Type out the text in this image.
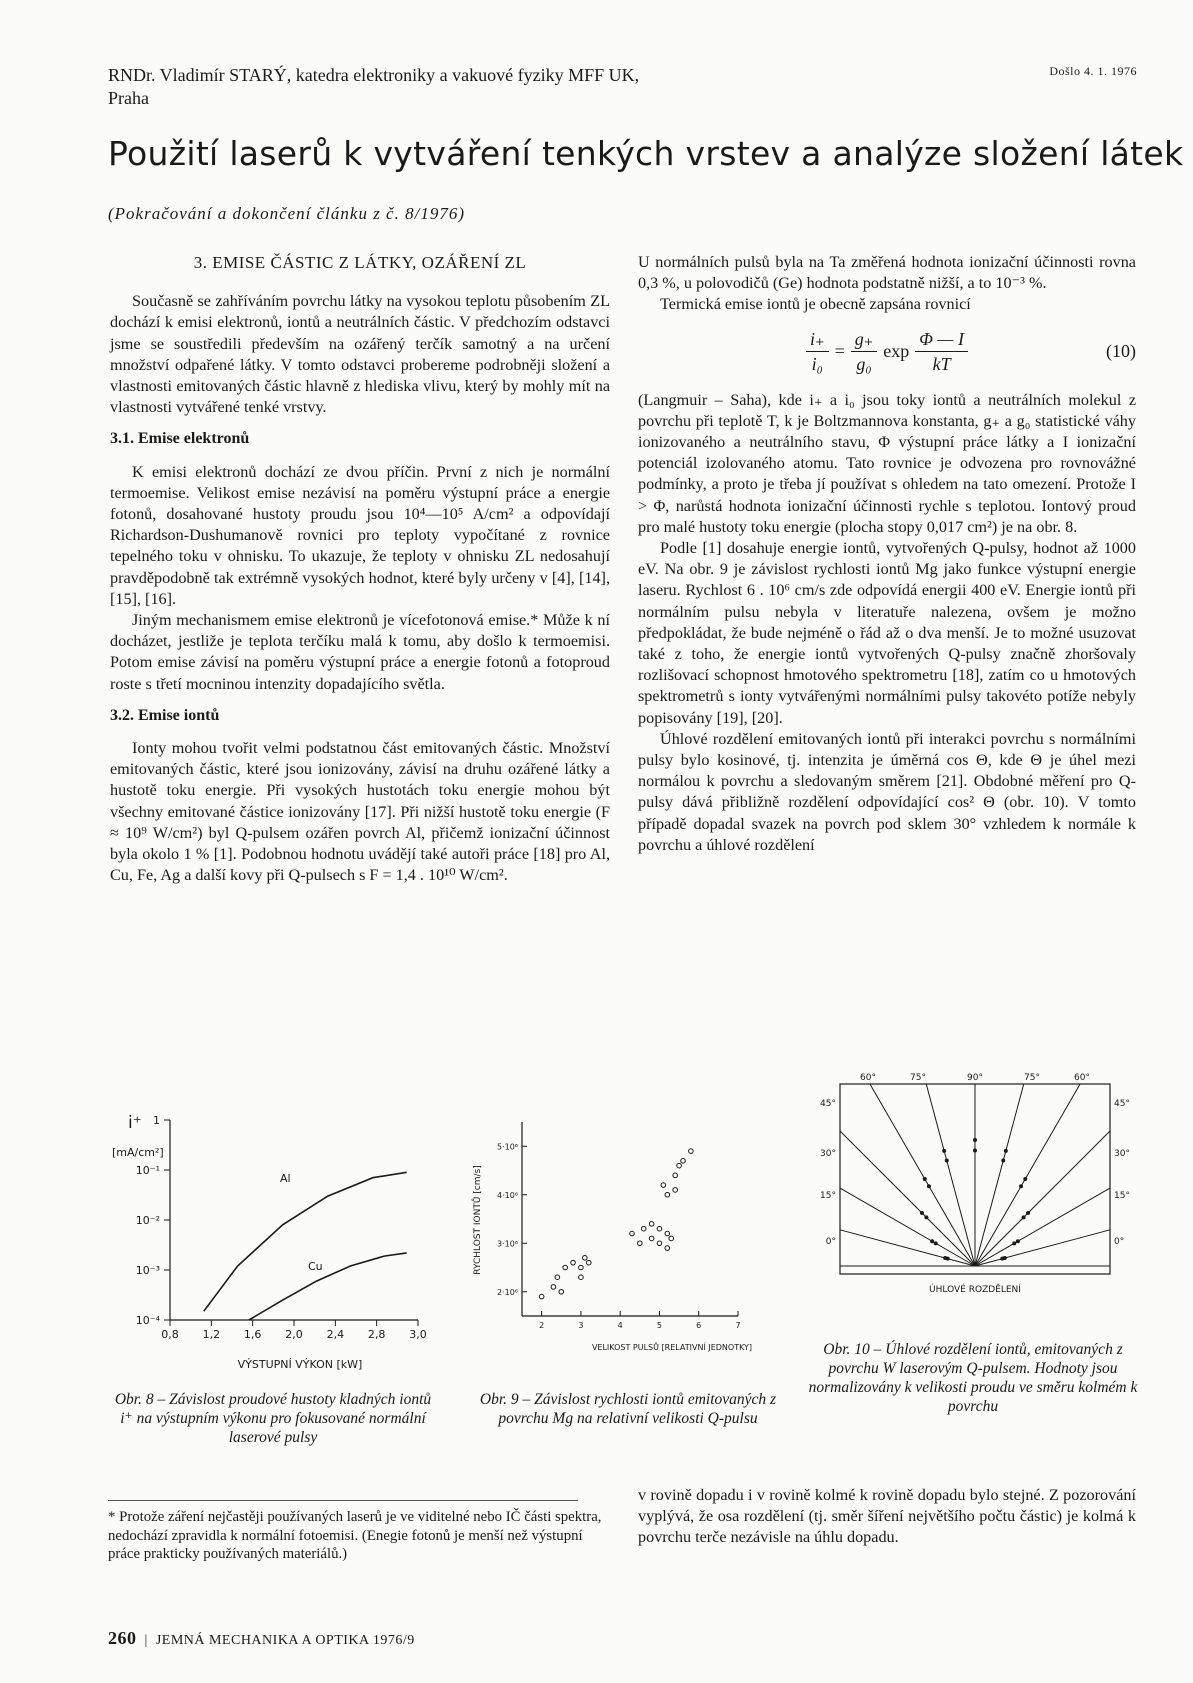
RNDr. Vladimír STARÝ, katedra elektroniky a vakuové fyziky MFF UK, Praha
Došlo 4. 1. 1976
Použití laserů k vytváření tenkých vrstev a analýze složení látek
(Pokračování a dokončení článku z č. 8/1976)
3. EMISE ČÁSTIC Z LÁTKY, OZÁŘENÍ ZL

Současně se zahříváním povrchu látky na vysokou teplotu působením ZL dochází k emisi elektronů, iontů a neutrálních částic. V předchozím odstavci jsme se soustředili především na ozářený terčík samotný a na určení množství odpařené látky. V tomto odstavci probereme podrobněji složení a vlastnosti emitovaných částic hlavně z hlediska vlivu, který by mohly mít na vlastnosti vytvářené tenké vrstvy.

3.1. Emise elektronů

K emisi elektronů dochází ze dvou příčin. První z nich je normální termoemise. Velikost emise nezávisí na poměru výstupní práce a energie fotonů, dosahované hustoty proudu jsou 10⁴—10⁵ A/cm² a odpovídají Richardson-Dushumanově rovnici pro teploty vypočítané z rovnice tepelného toku v ohnisku. To ukazuje, že teploty v ohnisku ZL nedosahují pravděpodobně tak extrémně vysokých hodnot, které byly určeny v [4], [14], [15], [16].

Jiným mechanismem emise elektronů je vícefotonová emise.* Může k ní docházet, jestliže je teplota terčíku malá k tomu, aby došlo k termoemisi. Potom emise závisí na poměru výstupní práce a energie fotonů a fotoproud roste s třetí mocninou intenzity dopadajícího světla.

3.2. Emise iontů

Ionty mohou tvořit velmi podstatnou část emitovaných částic. Množství emitovaných částic, které jsou ionizovány, závisí na druhu ozářené látky a hustotě toku energie. Při vysokých hustotách toku energie mohou být všechny emitované částice ionizovány [17]. Při nižší hustotě toku energie (F ≈ 10⁹ W/cm²) byl Q-pulsem ozářen povrch Al, přičemž ionizační účinnost byla okolo 1 % [1]. Podobnou hodnotu uvádějí také autoři práce [18] pro Al, Cu, Fe, Ag a další kovy při Q-pulsech s F = 1,4 . 10¹⁰ W/cm².

U normálních pulsů byla na Ta změřená hodnota ionizační účinnosti rovna 0,3 %, u polovodičů (Ge) hodnota podstatně nižší, a to 10⁻³ %.

Termická emise iontů je obecně zapsána rovnicí

$\frac{i_+}{\text{i₀}} = \frac{g_+}{\text{g₀}}$ $\exp \frac{\Phi — I}{kT}$	(10)

(Langmuir – Saha), kde i₊ a i₀ jsou toky iontů a neutrálních molekul z povrchu při teplotě T, k je Boltzmannova konstanta, g₊ a g₀ statistické váhy ionizovaného a neutrálního stavu, Φ výstupní práce látky a I ionizační potenciál izolovaného atomu. Tato rovnice je odvozena pro rovnovážné podmínky, a proto je třeba jí používat s ohledem na tato omezení. Protože I > Φ, narůstá hodnota ionizační účinnosti rychle s teplotou. Iontový proud pro malé hustoty toku energie (plocha stopy 0,017 cm²) je na obr. 8.

Podle [1] dosahuje energie iontů, vytvořených Q-pulsy, hodnot až 1000 eV. Na obr. 9 je závislost rychlosti iontů Mg jako funkce výstupní energie laseru. Rychlost 6 . 10⁶ cm/s zde odpovídá energii 400 eV. Energie iontů při normálním pulsu nebyla v literatuře nalezena, ovšem je možno předpokládat, že bude nejméně o řád až o dva menší. Je to možné usuzovat také z toho, že energie iontů vytvořených Q-pulsy značně zhoršovaly rozlišovací schopnost hmotového spektrometru [18], zatím co u hmotových spektrometrů s ionty vytvářenými normálními pulsy takovéto potíže nebyly popisovány [19], [20].

Úhlové rozdělení emitovaných iontů při interakci povrchu s normálními pulsy bylo kosinové, tj. intenzita je úměrná cos Θ, kde Θ je úhel mezi normálou k povrchu a sledovaným směrem [21]. Obdobné měření pro Q-pulsy dává přibližně rozdělení odpovídající cos² Θ (obr. 10). V tomto případě dopadal svazek na povrch pod sklem 30° vzhledem k normále k povrchu a úhlové rozdělení

i⁺
[mA/cm²]
1
10⁻¹
10⁻²
10⁻³
10⁻⁴
0,8 1,2 1,6 2,0 2,4 2,8 3,0
Al
Cu
VÝSTUPNÍ VÝKON [kW]
Obr. 8 – Závislost proudové hustoty kladných iontů i⁺ na výstupním výkonu pro fokusované normální laserové pulsy
RYCHLOST IONTŮ [cm/s]
5·10⁶
4·10⁶
3·10⁶
2·10⁶
2	3	4	5	6	7
VELIKOST PULSŮ [RELATIVNÍ JEDNOTKY]
Obr. 9 – Závislost rychlosti iontů emitovaných z povrchu Mg na relativní velikosti Q-pulsu
60°	75°	90°	75°	60°
45°	45°
30°	30°
15°	15°
0°	0°
ÚHLOVÉ ROZDĚLENÍ
Obr. 10 – Úhlové rozdělení iontů, emitovaných z povrchu W laserovým Q-pulsem. Hodnoty jsou normalizovány k velikosti proudu ve směru kolmém k povrchu
* Protože záření nejčastěji používaných laserů je ve viditelné nebo IČ části spektra, nedochází zpravidla k normální fotoemisi. (Enegie fotonů je menší než výstupní práce prakticky používaných materiálů.)
v rovině dopadu i v rovině kolmé k rovině dopadu bylo stejné. Z pozorování vyplývá, že osa rozdělení (tj. směr šíření největšího počtu částic) je kolmá k povrchu terče nezávisle na úhlu dopadu.
260 | JEMNÁ MECHANIKA A OPTIKA 1976/9
